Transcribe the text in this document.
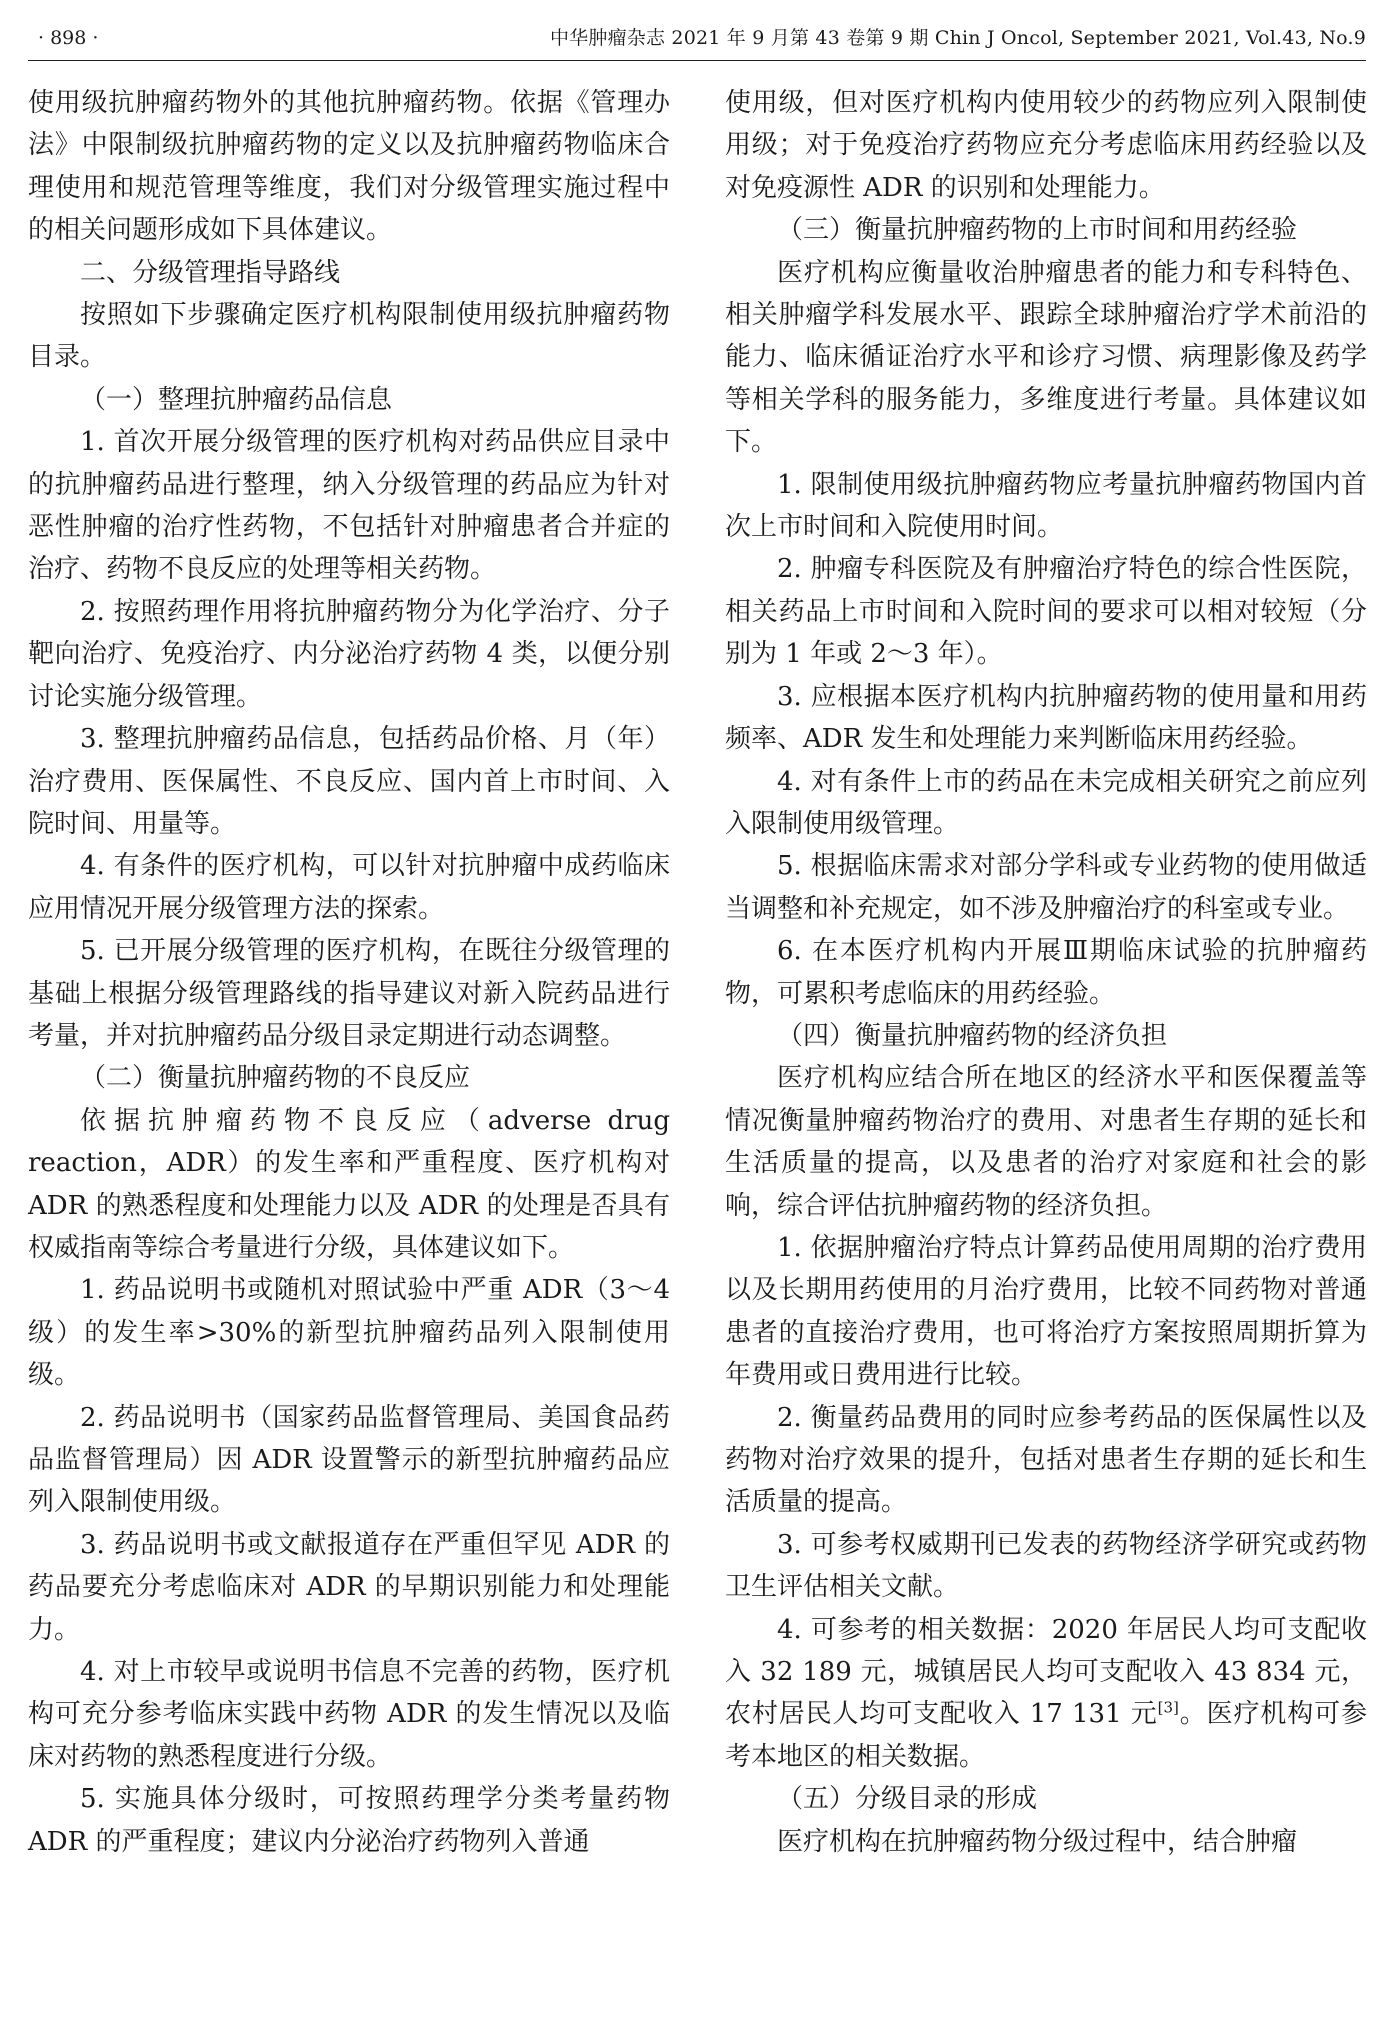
· 898 ·	中华肿瘤杂志 2021 年 9 月第 43 卷第 9 期 Chin J Oncol, September 2021, Vol.43, No.9

使用级抗肿瘤药物外的其他抗肿瘤药物。依据《管理办法》中限制级抗肿瘤药物的定义以及抗肿瘤药物临床合理使用和规范管理等维度，我们对分级管理实施过程中的相关问题形成如下具体建议。

二、分级管理指导路线

按照如下步骤确定医疗机构限制使用级抗肿瘤药物目录。

（一）整理抗肿瘤药品信息

1. 首次开展分级管理的医疗机构对药品供应目录中的抗肿瘤药品进行整理，纳入分级管理的药品应为针对恶性肿瘤的治疗性药物，不包括针对肿瘤患者合并症的治疗、药物不良反应的处理等相关药物。

2. 按照药理作用将抗肿瘤药物分为化学治疗、分子靶向治疗、免疫治疗、内分泌治疗药物 4 类，以便分别讨论实施分级管理。

3. 整理抗肿瘤药品信息，包括药品价格、月（年）治疗费用、医保属性、不良反应、国内首上市时间、入院时间、用量等。

4. 有条件的医疗机构，可以针对抗肿瘤中成药临床应用情况开展分级管理方法的探索。

5. 已开展分级管理的医疗机构，在既往分级管理的基础上根据分级管理路线的指导建议对新入院药品进行考量，并对抗肿瘤药品分级目录定期进行动态调整。

（二）衡量抗肿瘤药物的不良反应

依据抗肿瘤药物不良反应（adverse drug reaction，ADR）的发生率和严重程度、医疗机构对 ADR 的熟悉程度和处理能力以及 ADR 的处理是否具有权威指南等综合考量进行分级，具体建议如下。

1. 药品说明书或随机对照试验中严重 ADR（3～4 级）的发生率>30%的新型抗肿瘤药品列入限制使用级。

2. 药品说明书（国家药品监督管理局、美国食品药品监督管理局）因 ADR 设置警示的新型抗肿瘤药品应列入限制使用级。

3. 药品说明书或文献报道存在严重但罕见 ADR 的药品要充分考虑临床对 ADR 的早期识别能力和处理能力。

4. 对上市较早或说明书信息不完善的药物，医疗机构可充分参考临床实践中药物 ADR 的发生情况以及临床对药物的熟悉程度进行分级。

5. 实施具体分级时，可按照药理学分类考量药物 ADR 的严重程度；建议内分泌治疗药物列入普通

使用级，但对医疗机构内使用较少的药物应列入限制使用级；对于免疫治疗药物应充分考虑临床用药经验以及对免疫源性 ADR 的识别和处理能力。

（三）衡量抗肿瘤药物的上市时间和用药经验

医疗机构应衡量收治肿瘤患者的能力和专科特色、相关肿瘤学科发展水平、跟踪全球肿瘤治疗学术前沿的能力、临床循证治疗水平和诊疗习惯、病理影像及药学等相关学科的服务能力，多维度进行考量。具体建议如下。

1. 限制使用级抗肿瘤药物应考量抗肿瘤药物国内首次上市时间和入院使用时间。

2. 肿瘤专科医院及有肿瘤治疗特色的综合性医院，相关药品上市时间和入院时间的要求可以相对较短（分别为 1 年或 2～3 年）。

3. 应根据本医疗机构内抗肿瘤药物的使用量和用药频率、ADR 发生和处理能力来判断临床用药经验。

4. 对有条件上市的药品在未完成相关研究之前应列入限制使用级管理。

5. 根据临床需求对部分学科或专业药物的使用做适当调整和补充规定，如不涉及肿瘤治疗的科室或专业。

6. 在本医疗机构内开展Ⅲ期临床试验的抗肿瘤药物，可累积考虑临床的用药经验。

（四）衡量抗肿瘤药物的经济负担

医疗机构应结合所在地区的经济水平和医保覆盖等情况衡量肿瘤药物治疗的费用、对患者生存期的延长和生活质量的提高，以及患者的治疗对家庭和社会的影响，综合评估抗肿瘤药物的经济负担。

1. 依据肿瘤治疗特点计算药品使用周期的治疗费用以及长期用药使用的月治疗费用，比较不同药物对普通患者的直接治疗费用，也可将治疗方案按照周期折算为年费用或日费用进行比较。

2. 衡量药品费用的同时应参考药品的医保属性以及药物对治疗效果的提升，包括对患者生存期的延长和生活质量的提高。

3. 可参考权威期刊已发表的药物经济学研究或药物卫生评估相关文献。

4. 可参考的相关数据：2020 年居民人均可支配收入 32 189 元，城镇居民人均可支配收入 43 834 元，农村居民人均可支配收入 17 131 元[3]。医疗机构可参考本地区的相关数据。

（五）分级目录的形成

医疗机构在抗肿瘤药物分级过程中，结合肿瘤
